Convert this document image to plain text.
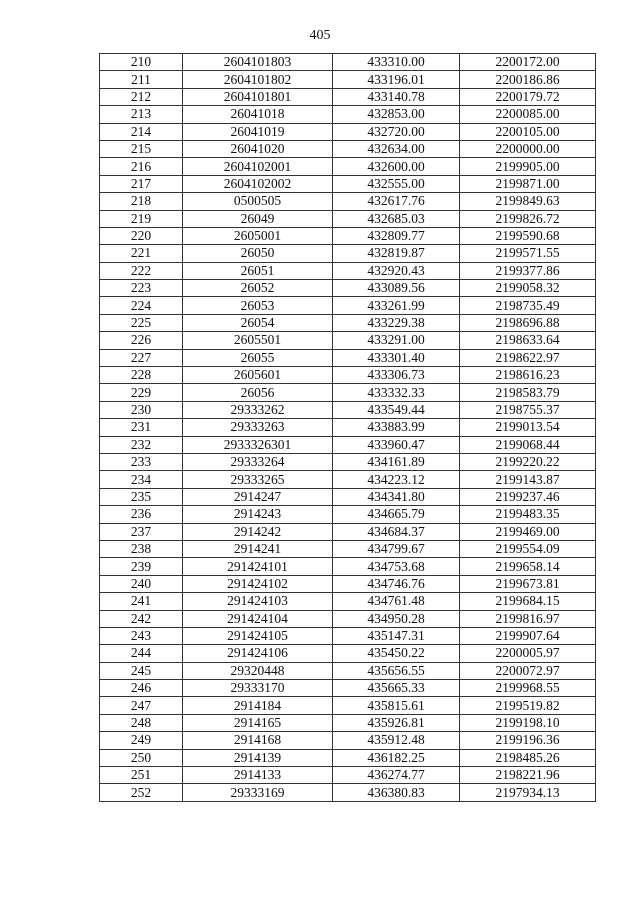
405
210	2604101803	433310.00	2200172.00
211	2604101802	433196.01	2200186.86
212	2604101801	433140.78	2200179.72
213	26041018	432853.00	2200085.00
214	26041019	432720.00	2200105.00
215	26041020	432634.00	2200000.00
216	2604102001	432600.00	2199905.00
217	2604102002	432555.00	2199871.00
218	0500505	432617.76	2199849.63
219	26049	432685.03	2199826.72
220	2605001	432809.77	2199590.68
221	26050	432819.87	2199571.55
222	26051	432920.43	2199377.86
223	26052	433089.56	2199058.32
224	26053	433261.99	2198735.49
225	26054	433229.38	2198696.88
226	2605501	433291.00	2198633.64
227	26055	433301.40	2198622.97
228	2605601	433306.73	2198616.23
229	26056	433332.33	2198583.79
230	29333262	433549.44	2198755.37
231	29333263	433883.99	2199013.54
232	2933326301	433960.47	2199068.44
233	29333264	434161.89	2199220.22
234	29333265	434223.12	2199143.87
235	2914247	434341.80	2199237.46
236	2914243	434665.79	2199483.35
237	2914242	434684.37	2199469.00
238	2914241	434799.67	2199554.09
239	291424101	434753.68	2199658.14
240	291424102	434746.76	2199673.81
241	291424103	434761.48	2199684.15
242	291424104	434950.28	2199816.97
243	291424105	435147.31	2199907.64
244	291424106	435450.22	2200005.97
245	29320448	435656.55	2200072.97
246	29333170	435665.33	2199968.55
247	2914184	435815.61	2199519.82
248	2914165	435926.81	2199198.10
249	2914168	435912.48	2199196.36
250	2914139	436182.25	2198485.26
251	2914133	436274.77	2198221.96
252	29333169	436380.83	2197934.13
